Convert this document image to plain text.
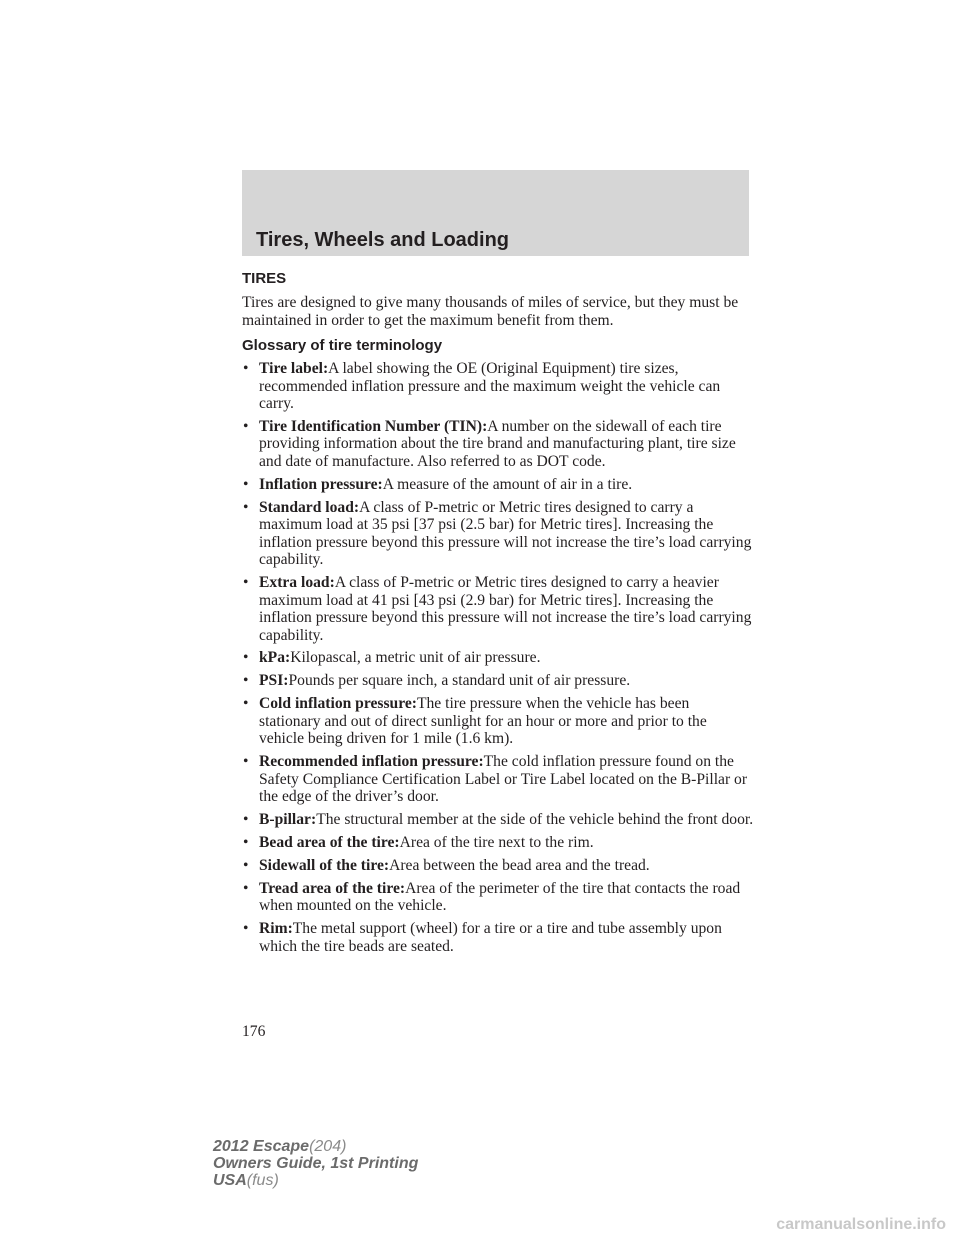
Tires, Wheels and Loading
TIRES

Tires are designed to give many thousands of miles of service, but they must be maintained in order to get the maximum benefit from them.

Glossary of tire terminology
• Tire label:A label showing the OE (Original Equipment) tire sizes, recommended inflation pressure and the maximum weight the vehicle can carry.
• Tire Identification Number (TIN):A number on the sidewall of each tire providing information about the tire brand and manufacturing plant, tire size and date of manufacture. Also referred to as DOT code.
• Inflation pressure:A measure of the amount of air in a tire.
• Standard load:A class of P-metric or Metric tires designed to carry a maximum load at 35 psi [37 psi (2.5 bar) for Metric tires]. Increasing the inflation pressure beyond this pressure will not increase the tire’s load carrying capability.
• Extra load:A class of P-metric or Metric tires designed to carry a heavier maximum load at 41 psi [43 psi (2.9 bar) for Metric tires]. Increasing the inflation pressure beyond this pressure will not increase the tire’s load carrying capability.
• kPa:Kilopascal, a metric unit of air pressure.
• PSI:Pounds per square inch, a standard unit of air pressure.
• Cold inflation pressure:The tire pressure when the vehicle has been stationary and out of direct sunlight for an hour or more and prior to the vehicle being driven for 1 mile (1.6 km).
• Recommended inflation pressure:The cold inflation pressure found on the Safety Compliance Certification Label or Tire Label located on the B-Pillar or the edge of the driver’s door.
• B-pillar:The structural member at the side of the vehicle behind the front door.
• Bead area of the tire:Area of the tire next to the rim.
• Sidewall of the tire:Area between the bead area and the tread.
• Tread area of the tire:Area of the perimeter of the tire that contacts the road when mounted on the vehicle.
• Rim:The metal support (wheel) for a tire or a tire and tube assembly upon which the tire beads are seated.
176
2012 Escape(204)
Owners Guide, 1st Printing
USA(fus)
carmanualsonline.info
